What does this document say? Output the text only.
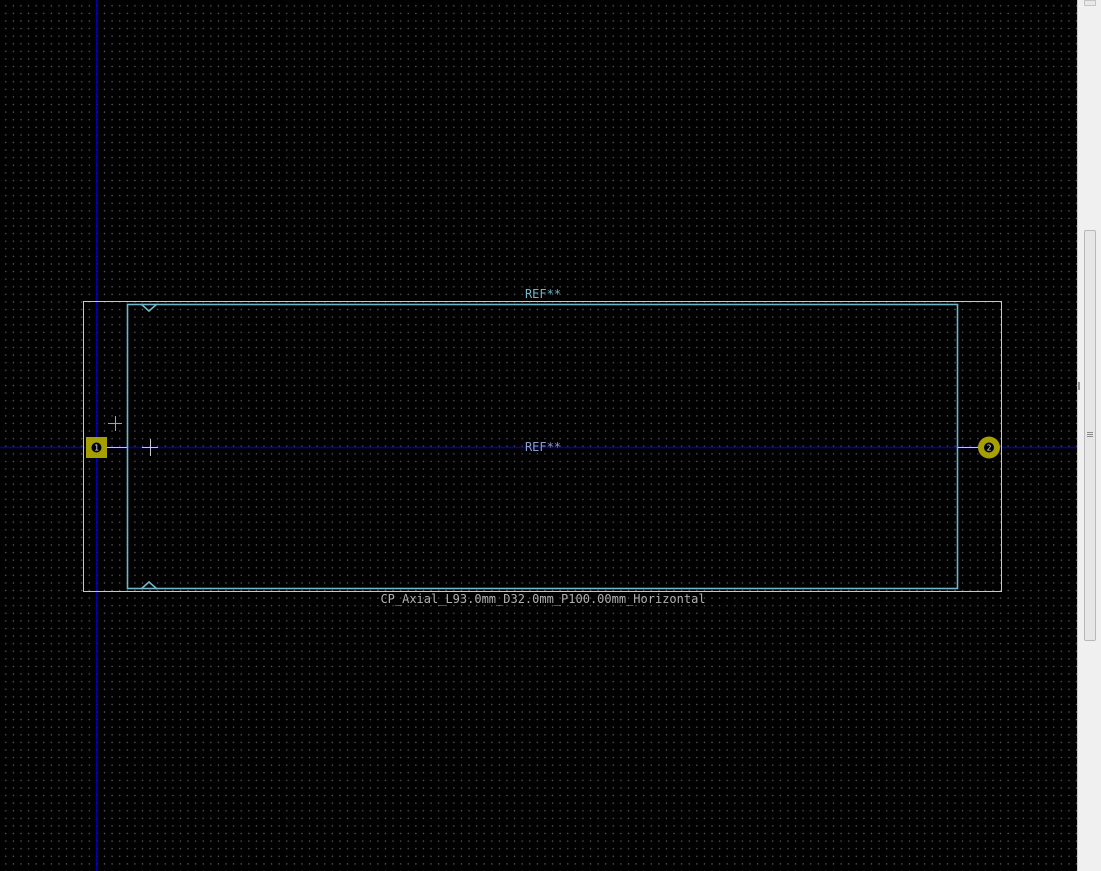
1	2
REF**
REF**
CP_Axial_L93.0mm_D32.0mm_P100.00mm_Horizontal
